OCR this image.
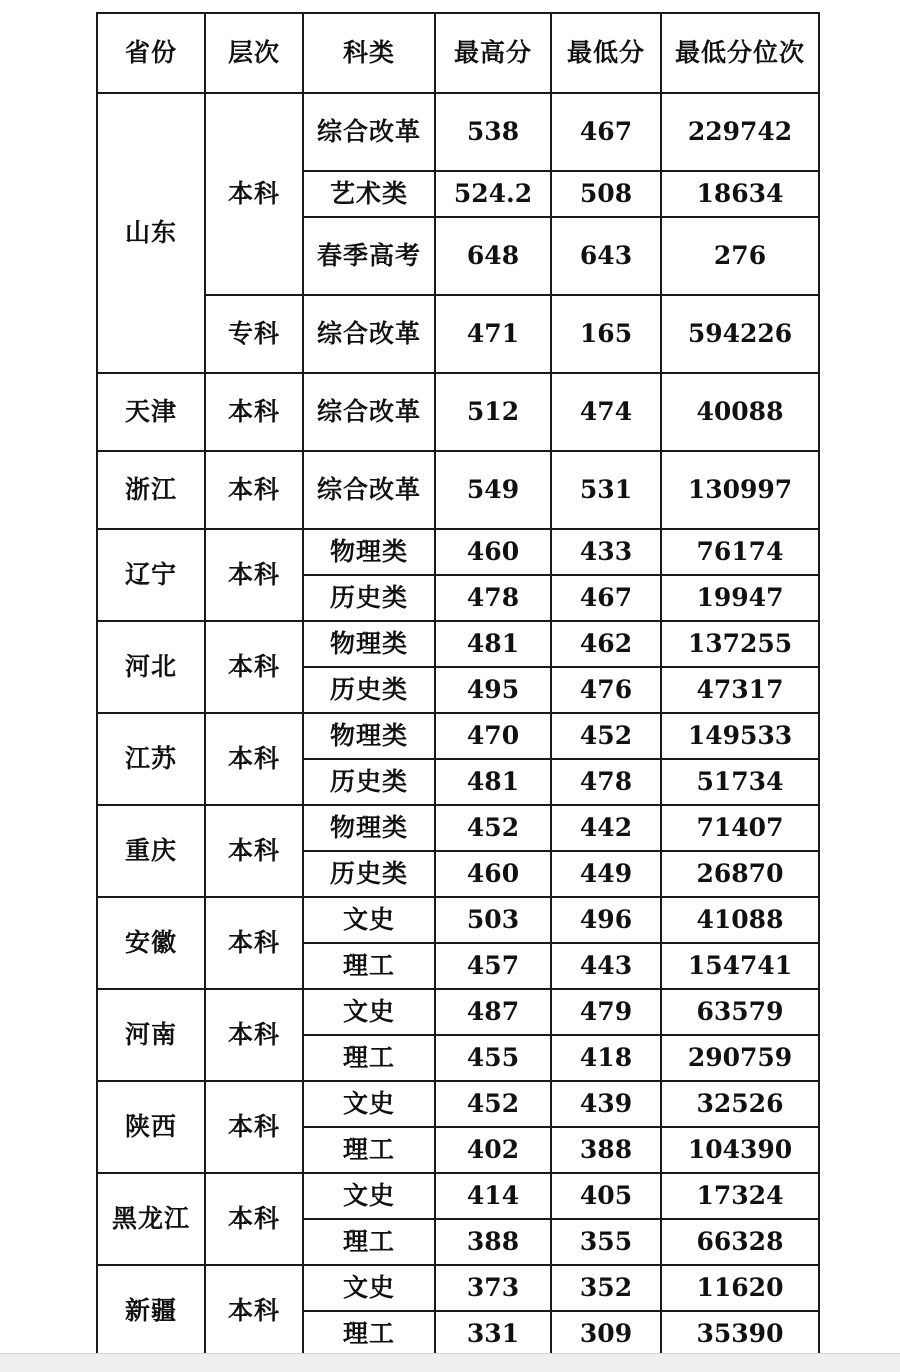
省份	层次	科类	最高分	最低分	最低分位次
山东	本科	综合改革	538	467	229742
		艺术类	524.2	508	18634
		春季高考	648	643	276
	专科	综合改革	471	165	594226
天津	本科	综合改革	512	474	40088
浙江	本科	综合改革	549	531	130997
辽宁	本科	物理类	460	433	76174
		历史类	478	467	19947
河北	本科	物理类	481	462	137255
		历史类	495	476	47317
江苏	本科	物理类	470	452	149533
		历史类	481	478	51734
重庆	本科	物理类	452	442	71407
		历史类	460	449	26870
安徽	本科	文史	503	496	41088
		理工	457	443	154741
河南	本科	文史	487	479	63579
		理工	455	418	290759
陕西	本科	文史	452	439	32526
		理工	402	388	104390
黑龙江	本科	文史	414	405	17324
		理工	388	355	66328
新疆	本科	文史	373	352	11620
		理工	331	309	35390
